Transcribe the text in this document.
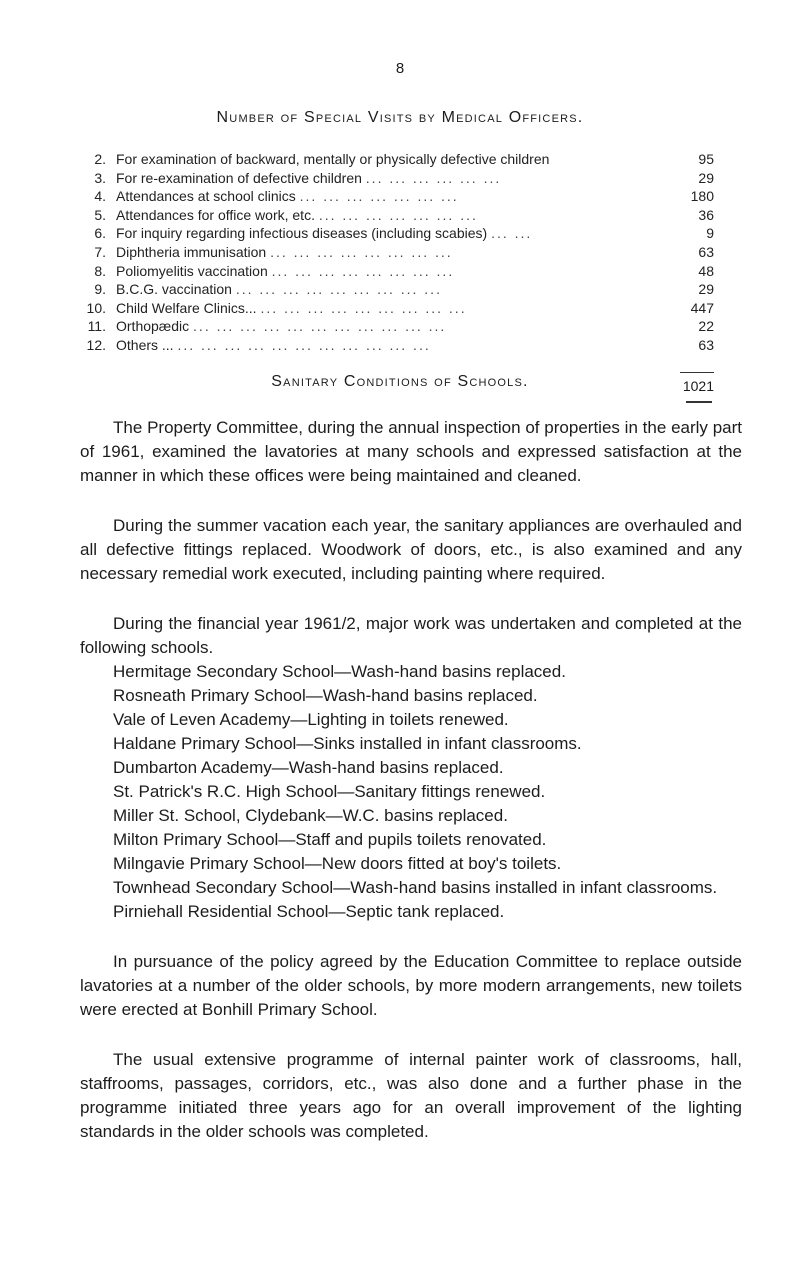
8
Number of Special Visits by Medical Officers.
2. For examination of backward, mentally or physically defective children	95
3. For re-examination of defective children ... ... ... ... ... ...	29
4. Attendances at school clinics ... ... ... ... ... ... ...	180
5. Attendances for office work, etc. ... ... ... ... ... ... ...	36
6. For inquiry regarding infectious diseases (including scabies) ... ...	9
7. Diphtheria immunisation ... ... ... ... ... ... ... ...	63
8. Poliomyelitis vaccination ... ... ... ... ... ... ... ...	48
9. B.C.G. vaccination ... ... ... ... ... ... ... ... ...	29
10. Child Welfare Clinics... ... ... ... ... ... ... ... ... ...	447
11. Orthopædic ... ... ... ... ... ... ... ... ... ... ...	22
12. Others ... ... ... ... ... ... ... ... ... ... ... ...	63
1021
Sanitary Conditions of Schools.

The Property Committee, during the annual inspection of properties in the early part of 1961, examined the lavatories at many schools and expressed satisfaction at the manner in which these offices were being maintained and cleaned.

During the summer vacation each year, the sanitary appliances are overhauled and all defective fittings replaced. Woodwork of doors, etc., is also examined and any necessary remedial work executed, including painting where required.

During the financial year 1961/2, major work was undertaken and completed at the following schools.

Hermitage Secondary School—Wash-hand basins replaced.
Rosneath Primary School—Wash-hand basins replaced.
Vale of Leven Academy—Lighting in toilets renewed.
Haldane Primary School—Sinks installed in infant classrooms.
Dumbarton Academy—Wash-hand basins replaced.
St. Patrick's R.C. High School—Sanitary fittings renewed.
Miller St. School, Clydebank—W.C. basins replaced.
Milton Primary School—Staff and pupils toilets renovated.
Milngavie Primary School—New doors fitted at boy's toilets.
Townhead Secondary School—Wash-hand basins installed in infant classrooms.
Pirniehall Residential School—Septic tank replaced.

In pursuance of the policy agreed by the Education Committee to replace outside lavatories at a number of the older schools, by more modern arrangements, new toilets were erected at Bonhill Primary School.

The usual extensive programme of internal painter work of classrooms, hall, staffrooms, passages, corridors, etc., was also done and a further phase in the programme initiated three years ago for an overall improvement of the lighting standards in the older schools was completed.
